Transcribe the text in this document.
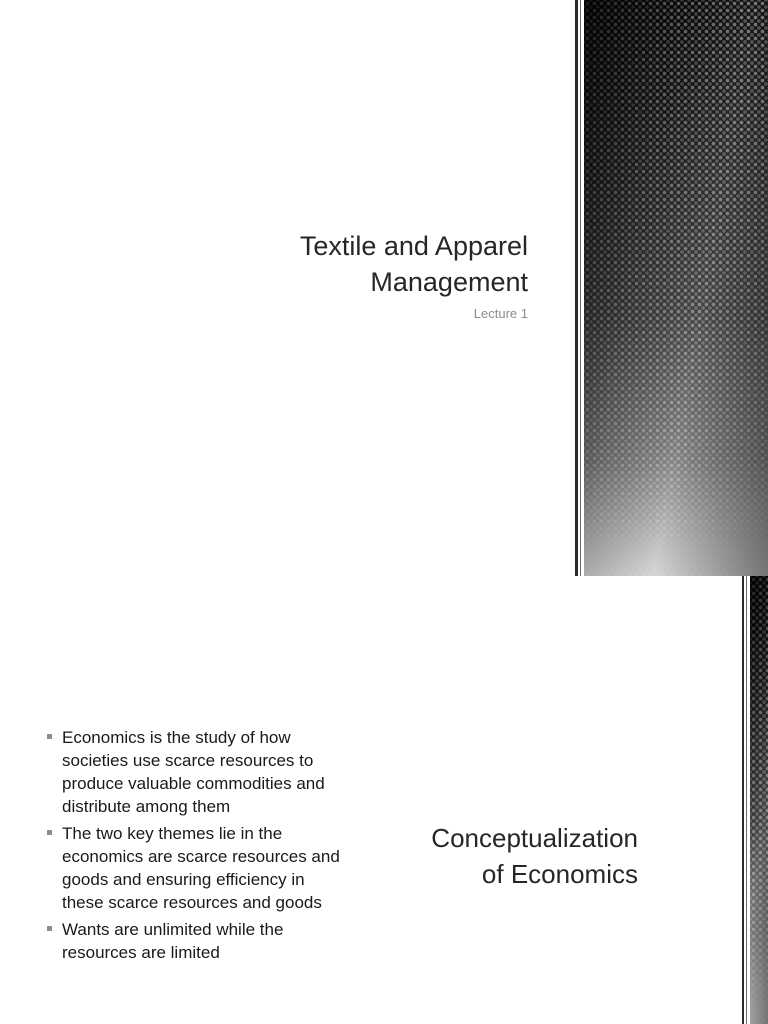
Textile and Apparel
Management

Lecture 1

Economics is the study of how societies use scarce resources to produce valuable commodities and distribute among them
The two key themes lie in the economics are scarce resources and goods and ensuring efficiency in these scarce resources and goods
Wants are unlimited while the resources are limited
Conceptualization
of Economics
